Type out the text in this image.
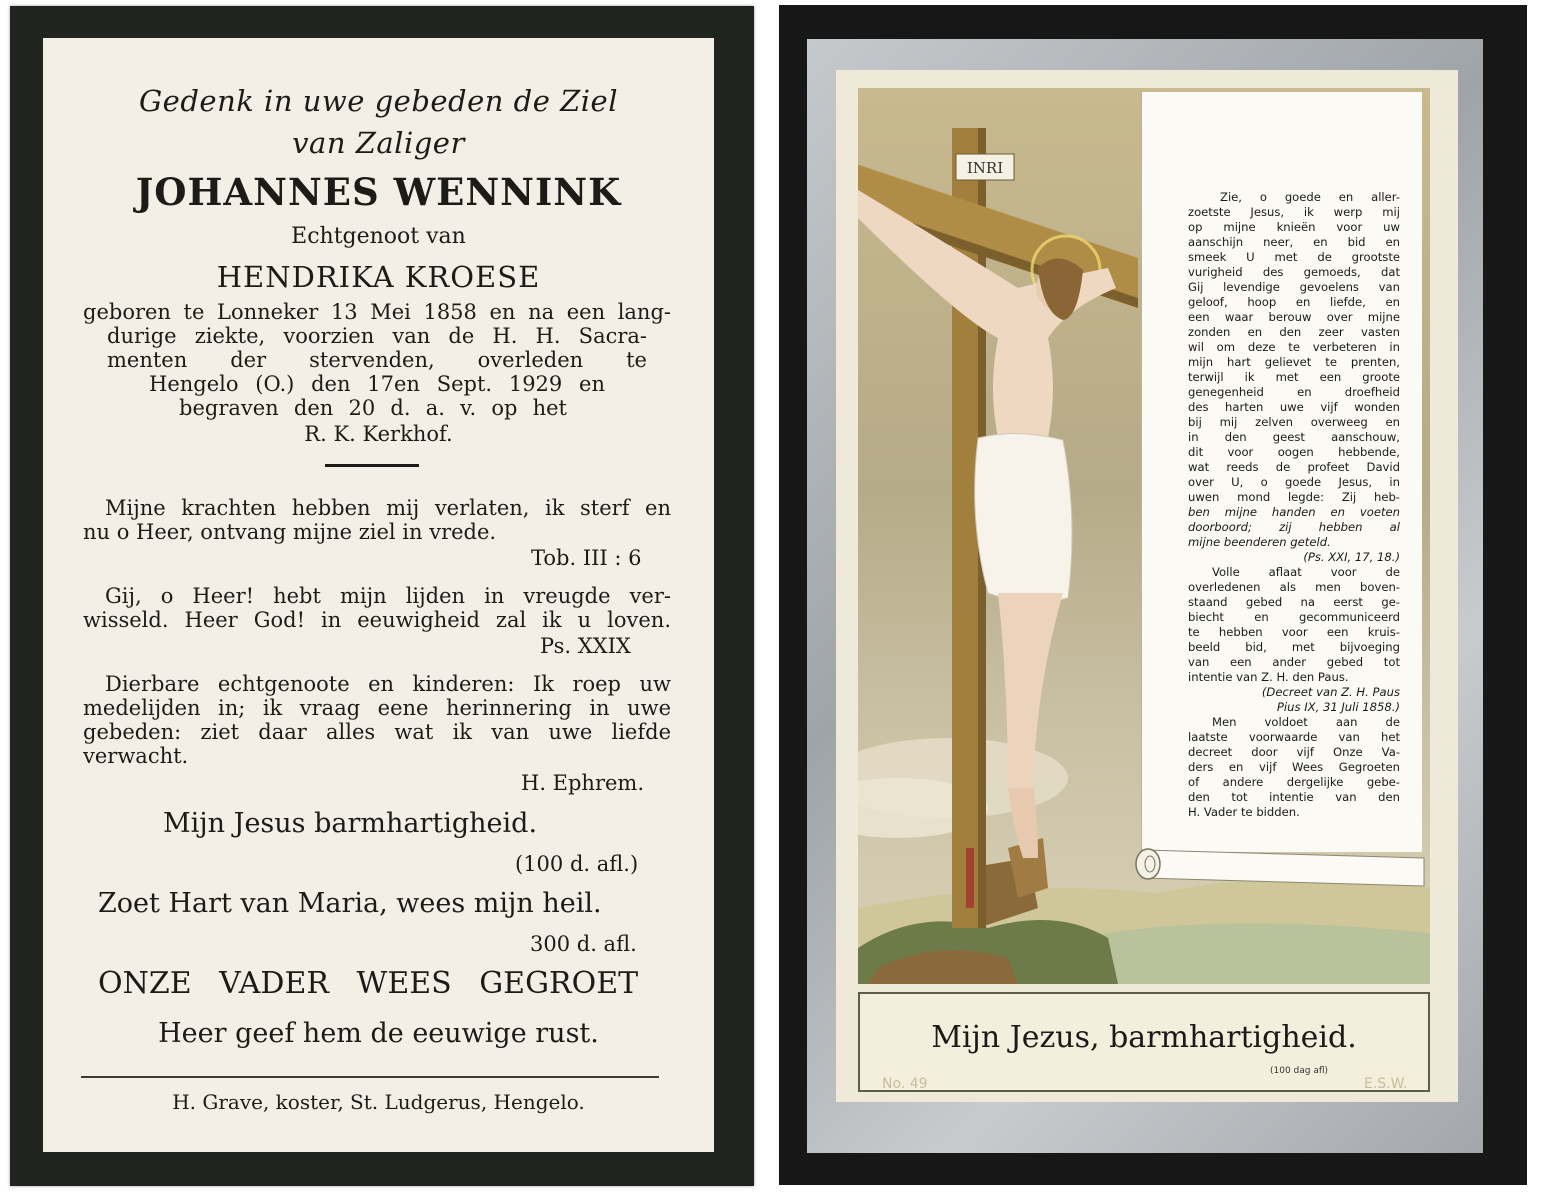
Gedenk in uwe gebeden de Ziel
van Zaliger
JOHANNES WENNINK
Echtgenoot van
HENDRIKA KROESE
geboren te Lonneker 13 Mei 1858 en na een lang-
durige ziekte, voorzien van de H. H. Sacra-
menten der stervenden, overleden te
Hengelo (O.) den 17en Sept. 1929 en
begraven den 20 d. a. v. op het
R. K. Kerkhof.
Mijne krachten hebben mij verlaten, ik sterf en
nu o Heer, ontvang mijne ziel in vrede.
Tob. III : 6
Gij, o Heer! hebt mijn lijden in vreugde ver-
wisseld. Heer God! in eeuwigheid zal ik u loven.
Ps. XXIX
Dierbare echtgenoote en kinderen: Ik roep uw
medelijden in; ik vraag eene herinnering in uwe
gebeden: ziet daar alles wat ik van uwe liefde
verwacht.
H. Ephrem.
Mijn Jesus barmhartigheid.
(100 d. afl.)
Zoet Hart van Maria, wees mijn heil.
300 d. afl.
ONZE VADER WEES GEGROET
Heer geef hem de eeuwige rust.
H. Grave, koster, St. Ludgerus, Hengelo.
INRI
Zie, o goede en aller-
zoetste Jesus, ik werp mij
op mijne knieën voor uw
aanschijn neer, en bid en
smeek U met de grootste
vurigheid des gemoeds, dat
Gij levendige gevoelens van
geloof, hoop en liefde, en
een waar berouw over mijne
zonden en den zeer vasten
wil om deze te verbeteren in
mijn hart gelievet te prenten,
terwijl ik met een groote
genegenheid en droefheid
des harten uwe vijf wonden
bij mij zelven overweeg en
in den geest aanschouw,
dit voor oogen hebbende,
wat reeds de profeet David
over U, o goede Jesus, in
uwen mond legde: Zij heb-
ben mijne handen en voeten
doorboord; zij hebben al
mijne beenderen geteld.
(Ps. XXI, 17, 18.)
Volle aflaat voor de
overledenen als men boven-
staand gebed na eerst ge-
biecht en gecommuniceerd
te hebben voor een kruis-
beeld bid, met bijvoeging
van een ander gebed tot
intentie van Z. H. den Paus.
(Decreet van Z. H. Paus
Pius IX, 31 Juli 1858.)
Men voldoet aan de
laatste voorwaarde van het
decreet door vijf Onze Va-
ders en vijf Wees Gegroeten
of andere dergelijke gebe-
den tot intentie van den
H. Vader te bidden.
Mijn Jezus, barmhartigheid.
(100 dag afl)
No. 49	E.S.W.
